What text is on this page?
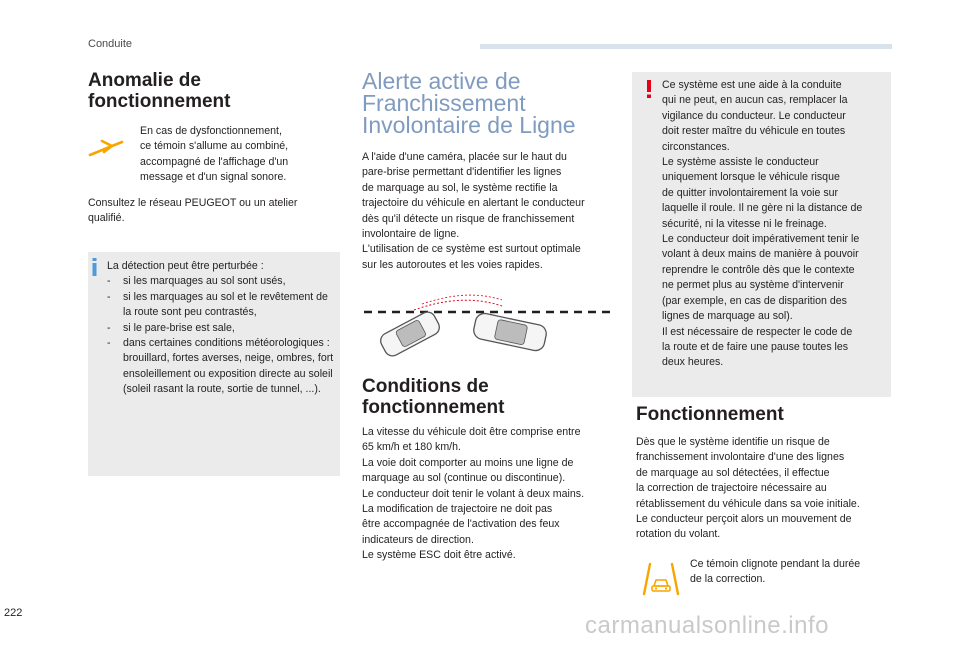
Conduite
Anomalie de fonctionnement
En cas de dysfonctionnement,
ce témoin s'allume au combiné,
accompagné de l'affichage d'un
message et d'un signal sonore.
Consultez le réseau PEUGEOT ou un atelier
qualifié.
La détection peut être perturbée :
- si les marquages au sol sont usés,
- si les marquages au sol et le revêtement de la route sont peu contrastés,
- si le pare-brise est sale,
- dans certaines conditions météorologiques : brouillard, fortes averses, neige, ombres, fort ensoleillement ou exposition directe au soleil (soleil rasant la route, sortie de tunnel, ...).
Alerte active de Franchissement Involontaire de Ligne
A l'aide d'une caméra, placée sur le haut du
pare-brise permettant d'identifier les lignes
de marquage au sol, le système rectifie la
trajectoire du véhicule en alertant le conducteur
dès qu'il détecte un risque de franchissement
involontaire de ligne.
L'utilisation de ce système est surtout optimale
sur les autoroutes et les voies rapides.
Conditions de fonctionnement
La vitesse du véhicule doit être comprise entre
65 km/h et 180 km/h.
La voie doit comporter au moins une ligne de
marquage au sol (continue ou discontinue).
Le conducteur doit tenir le volant à deux mains.
La modification de trajectoire ne doit pas
être accompagnée de l'activation des feux
indicateurs de direction.
Le système ESC doit être activé.
Ce système est une aide à la conduite
qui ne peut, en aucun cas, remplacer la
vigilance du conducteur. Le conducteur
doit rester maître du véhicule en toutes
circonstances.
Le système assiste le conducteur
uniquement lorsque le véhicule risque
de quitter involontairement la voie sur
laquelle il roule. Il ne gère ni la distance de
sécurité, ni la vitesse ni le freinage.
Le conducteur doit impérativement tenir le
volant à deux mains de manière à pouvoir
reprendre le contrôle dès que le contexte
ne permet plus au système d'intervenir
(par exemple, en cas de disparition des
lignes de marquage au sol).
Il est nécessaire de respecter le code de
la route et de faire une pause toutes les
deux heures.
Fonctionnement
Dès que le système identifie un risque de
franchissement involontaire d'une des lignes
de marquage au sol détectées, il effectue
la correction de trajectoire nécessaire au
rétablissement du véhicule dans sa voie initiale.
Le conducteur perçoit alors un mouvement de
rotation du volant.
Ce témoin clignote pendant la durée
de la correction.
222	carmanualsonline.info
